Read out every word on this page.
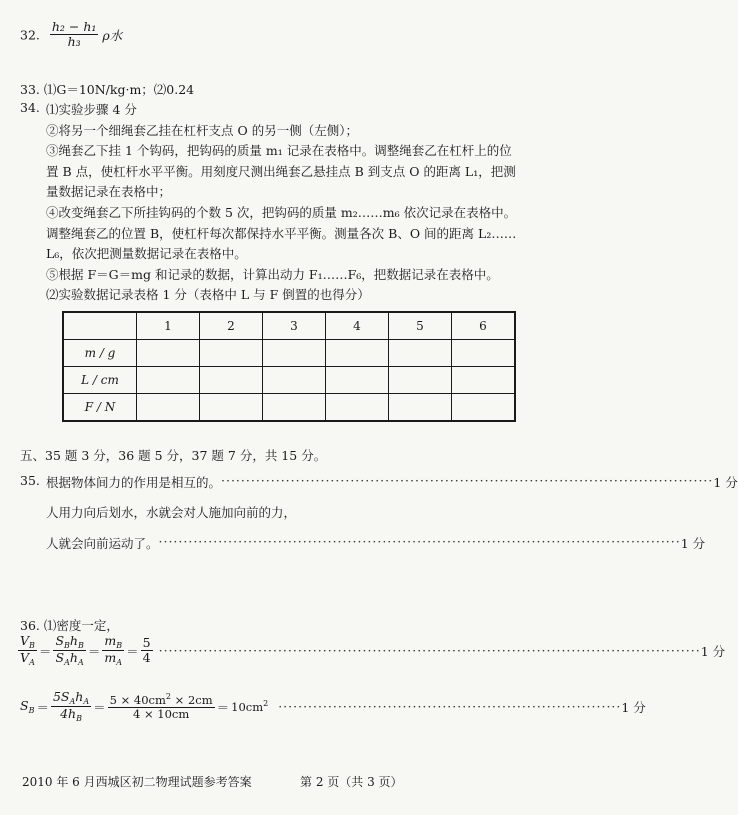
32. $\frac{\text{h₂ − h₁}}{\text{h₃}}$ ρ水
33. ⑴G＝10N/kg·m；⑵0.24
34. ⑴实验步骤 4 分
②将另一个细绳套乙挂在杠杆支点 O 的另一侧（左侧）；
③绳套乙下挂 1 个钩码，把钩码的质量 m₁ 记录在表格中。调整绳套乙在杠杆上的位
置 B 点，使杠杆水平平衡。用刻度尺测出绳套乙悬挂点 B 到支点 O 的距离 L₁，把测
量数据记录在表格中；
④改变绳套乙下所挂钩码的个数 5 次，把钩码的质量 m₂……m₆ 依次记录在表格中。
调整绳套乙的位置 B，使杠杆每次都保持水平平衡。测量各次 B、O 间的距离 L₂……
L₆，依次把测量数据记录在表格中。
⑤根据 F＝G＝mg 和记录的数据，计算出动力 F₁……F₆，把数据记录在表格中。
⑵实验数据记录表格 1 分（表格中 L 与 F 倒置的也得分）
	1	2	3	4	5	6
m / g						
L / cm						
F / N						
五、35 题 3 分，36 题 5 分，37 题 7 分，共 15 分。
35. 根据物体间力的作用是相互的。 ··································································································· 1 分
人用力向后划水，水就会对人施加向前的力，
人就会向前运动了。 ········································································································· 1 分
36. ⑴密度一定，
$\frac{V_B}{V_A} = \frac{S_Bh_B}{S_Ah_A} = \frac{m_B}{m_A} = \frac{5}{4}$ ············································································································· 1 分
$S_B = \frac{5S_Ah_A}{4h_B} = \frac{5 \times 40cm^2 \times 2cm}{4 \times 10cm} = 10cm^2$ ····································································· 1 分
2010 年 6 月西城区初二物理试题参考答案	第 2 页（共 3 页）
